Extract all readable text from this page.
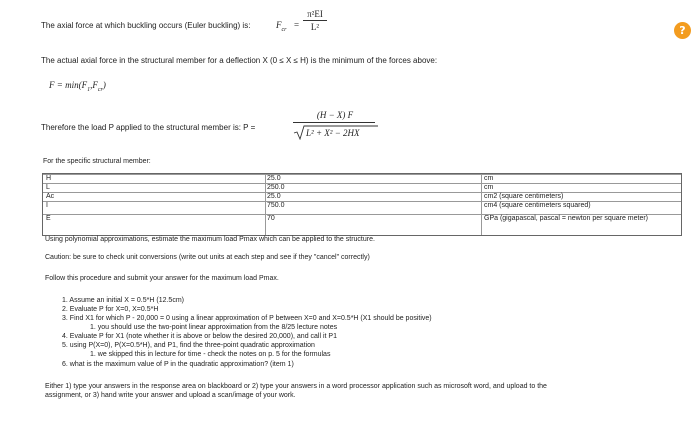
?
The axial force at which buckling occurs (Euler buckling) is:	$F_{cr} = \frac{\text{π²EI}}{\text{L²}}$
The actual axial force in the structural member for a deflection X (0 ≤ X ≤ H) is the minimum of the forces above:
$F = \min(F_1,F_{cr})$
Therefore the load P applied to the structural member is: P =
(H − X) F
L² + X² − 2HX
For the specific structural member:
H	25.0	cm
L	250.0	cm
Ac	25.0	cm2 (square centimeters)
I	750.0	cm4 (square centimeters squared)
E	70	GPa (gigapascal, pascal = newton per square meter)
Using polynomial approximations, estimate the maximum load Pmax which can be applied to the structure.
Caution: be sure to check unit conversions (write out units at each step and see if they "cancel" correctly)
Follow this procedure and submit your answer for the maximum load Pmax.
1. Assume an initial X = 0.5*H (12.5cm)
2. Evaluate P for X=0, X=0.5*H
3. Find X1 for which P - 20,000 = 0 using a linear approximation of P between X=0 and X=0.5*H (X1 should be positive)
1. you should use the two-point linear approximation from the 8/25 lecture notes
4. Evaluate P for X1 (note whether it is above or below the desired 20,000), and call it P1
5. using P(X=0), P(X=0.5*H), and P1, find the three-point quadratic approximation
1. we skipped this in lecture for time - check the notes on p. 5 for the formulas
6. what is the maximum value of P in the quadratic approximation? (item 1)
Either 1) type your answers in the response area on blackboard or 2) type your answers in a word processor application such as microsoft word, and upload to the
assignment, or 3) hand write your answer and upload a scan/image of your work.
